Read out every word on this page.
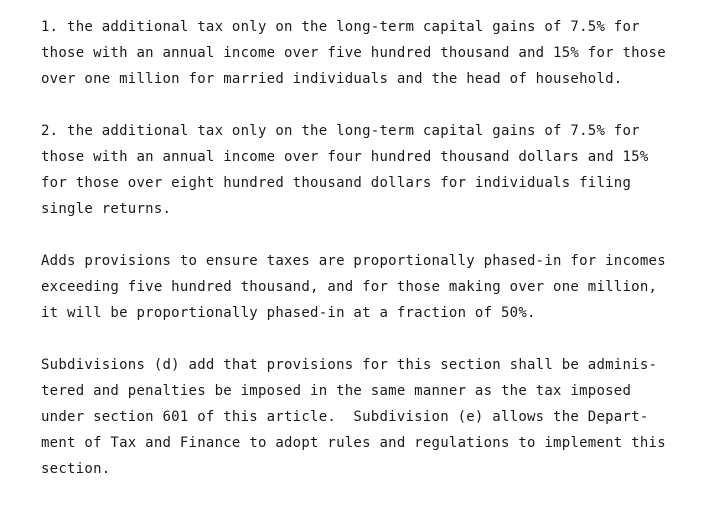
1. the additional tax only on the long-term capital gains of 7.5% for
those with an annual income over five hundred thousand and 15% for those
over one million for married individuals and the head of household.
2. the additional tax only on the long-term capital gains of 7.5% for
those with an annual income over four hundred thousand dollars and 15%
for those over eight hundred thousand dollars for individuals filing
single returns.
Adds provisions to ensure taxes are proportionally phased-in for incomes
exceeding five hundred thousand, and for those making over one million,
it will be proportionally phased-in at a fraction of 50%.
Subdivisions (d) add that provisions for this section shall be adminis-
tered and penalties be imposed in the same manner as the tax imposed
under section 601 of this article.  Subdivision (e) allows the Depart-
ment of Tax and Finance to adopt rules and regulations to implement this
section.
